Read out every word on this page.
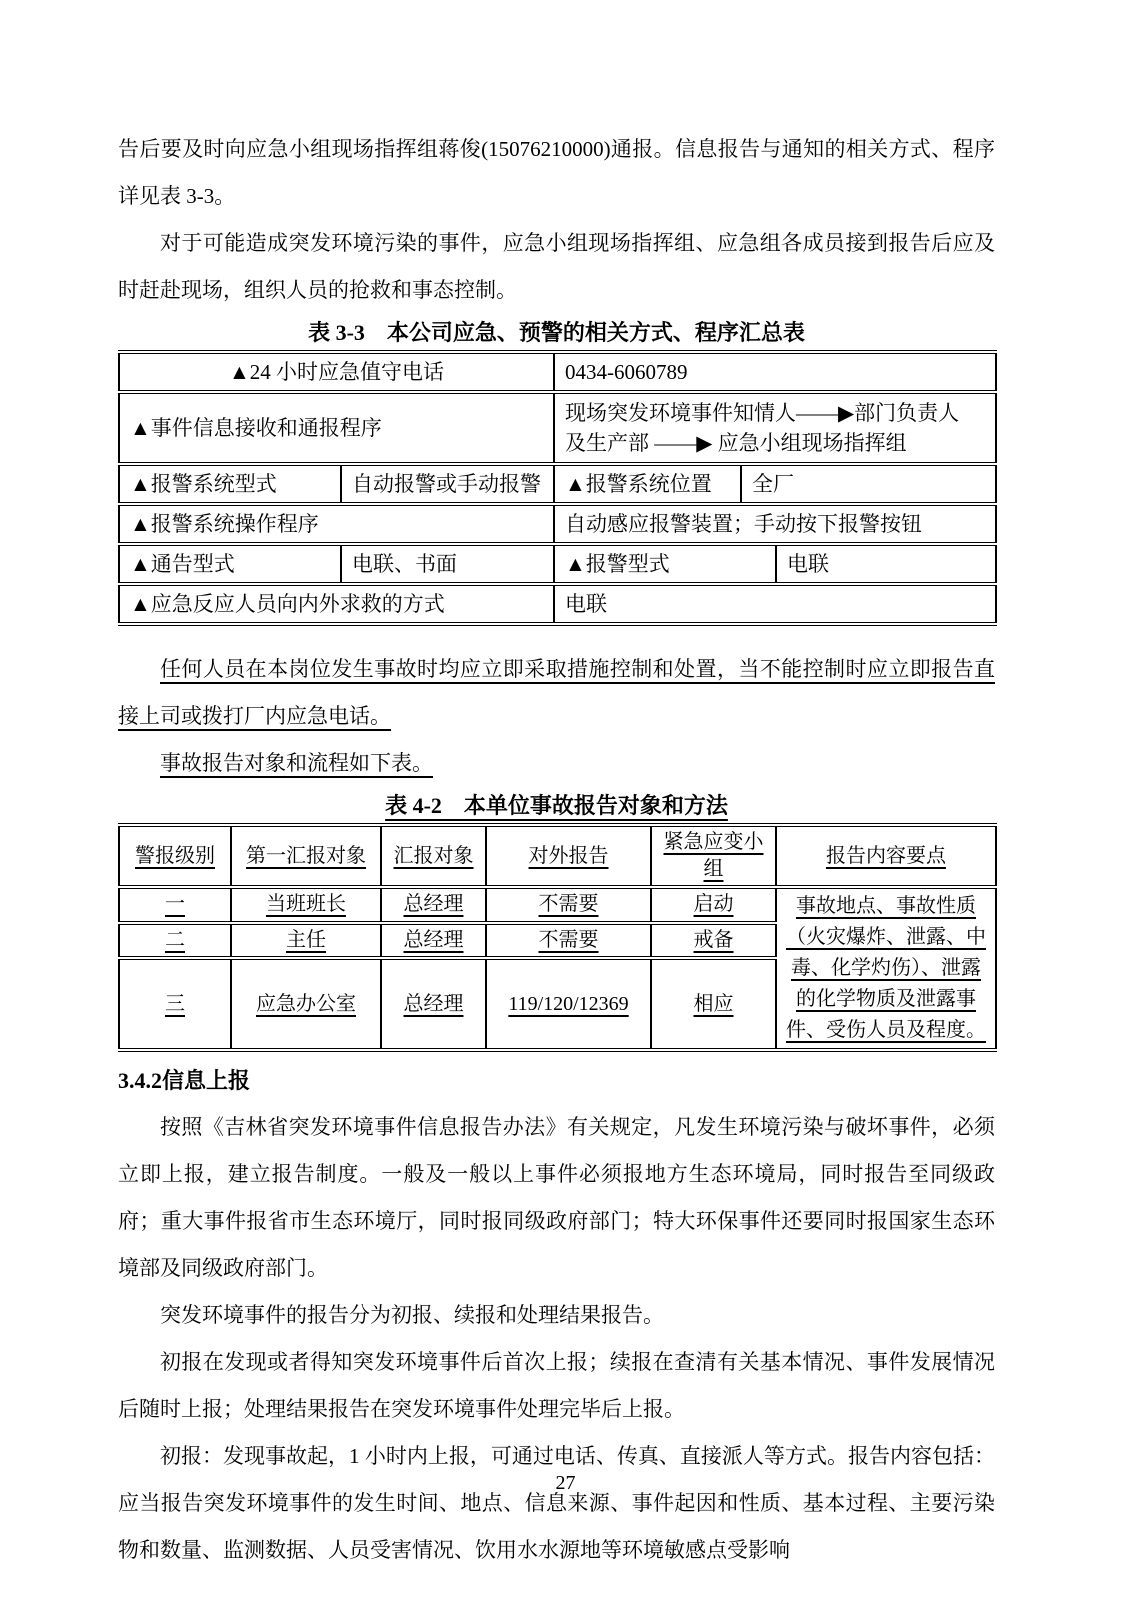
告后要及时向应急小组现场指挥组蒋俊(15076210000)通报。信息报告与通知的相关方式、程序详见表 3-3。

对于可能造成突发环境污染的事件，应急小组现场指挥组、应急组各成员接到报告后应及时赶赴现场，组织人员的抢救和事态控制。

表 3-3　本公司应急、预警的相关方式、程序汇总表
▲24 小时应急值守电话		0434-6060789		
▲事件信息接收和通报程序		现场突发环境事件知情人——▶部门负责人
及生产部 ——▶ 应急小组现场指挥组		
▲报警系统型式	自动报警或手动报警	▲报警系统位置	全厂	
▲报警系统操作程序		自动感应报警装置；手动按下报警按钮		
▲通告型式	电联、书面	▲报警型式		电联
▲应急反应人员向内外求救的方式		电联		

任何人员在本岗位发生事故时均应立即采取措施控制和处置，当不能控制时应立即报告直接上司或拨打厂内应急电话。

事故报告对象和流程如下表。

表 4-2　本单位事故报告对象和方法
警报级别	第一汇报对象	汇报对象	对外报告	紧急应变小组	报告内容要点
一	当班班长	总经理	不需要	启动	事故地点、事故性质（火灾爆炸、泄露、中毒、化学灼伤）、泄露的化学物质及泄露事件、受伤人员及程度。
二	主任	总经理	不需要	戒备	
三	应急办公室	总经理	119/120/12369	相应	
3.4.2信息上报

按照《吉林省突发环境事件信息报告办法》有关规定，凡发生环境污染与破坏事件，必须立即上报，建立报告制度。一般及一般以上事件必须报地方生态环境局，同时报告至同级政府；重大事件报省市生态环境厅，同时报同级政府部门；特大环保事件还要同时报国家生态环境部及同级政府部门。

突发环境事件的报告分为初报、续报和处理结果报告。

初报在发现或者得知突发环境事件后首次上报；续报在查清有关基本情况、事件发展情况后随时上报；处理结果报告在突发环境事件处理完毕后上报。

初报：发现事故起，1 小时内上报，可通过电话、传真、直接派人等方式。报告内容包括：应当报告突发环境事件的发生时间、地点、信息来源、事件起因和性质、基本过程、主要污染物和数量、监测数据、人员受害情况、饮用水水源地等环境敏感点受影响

27
